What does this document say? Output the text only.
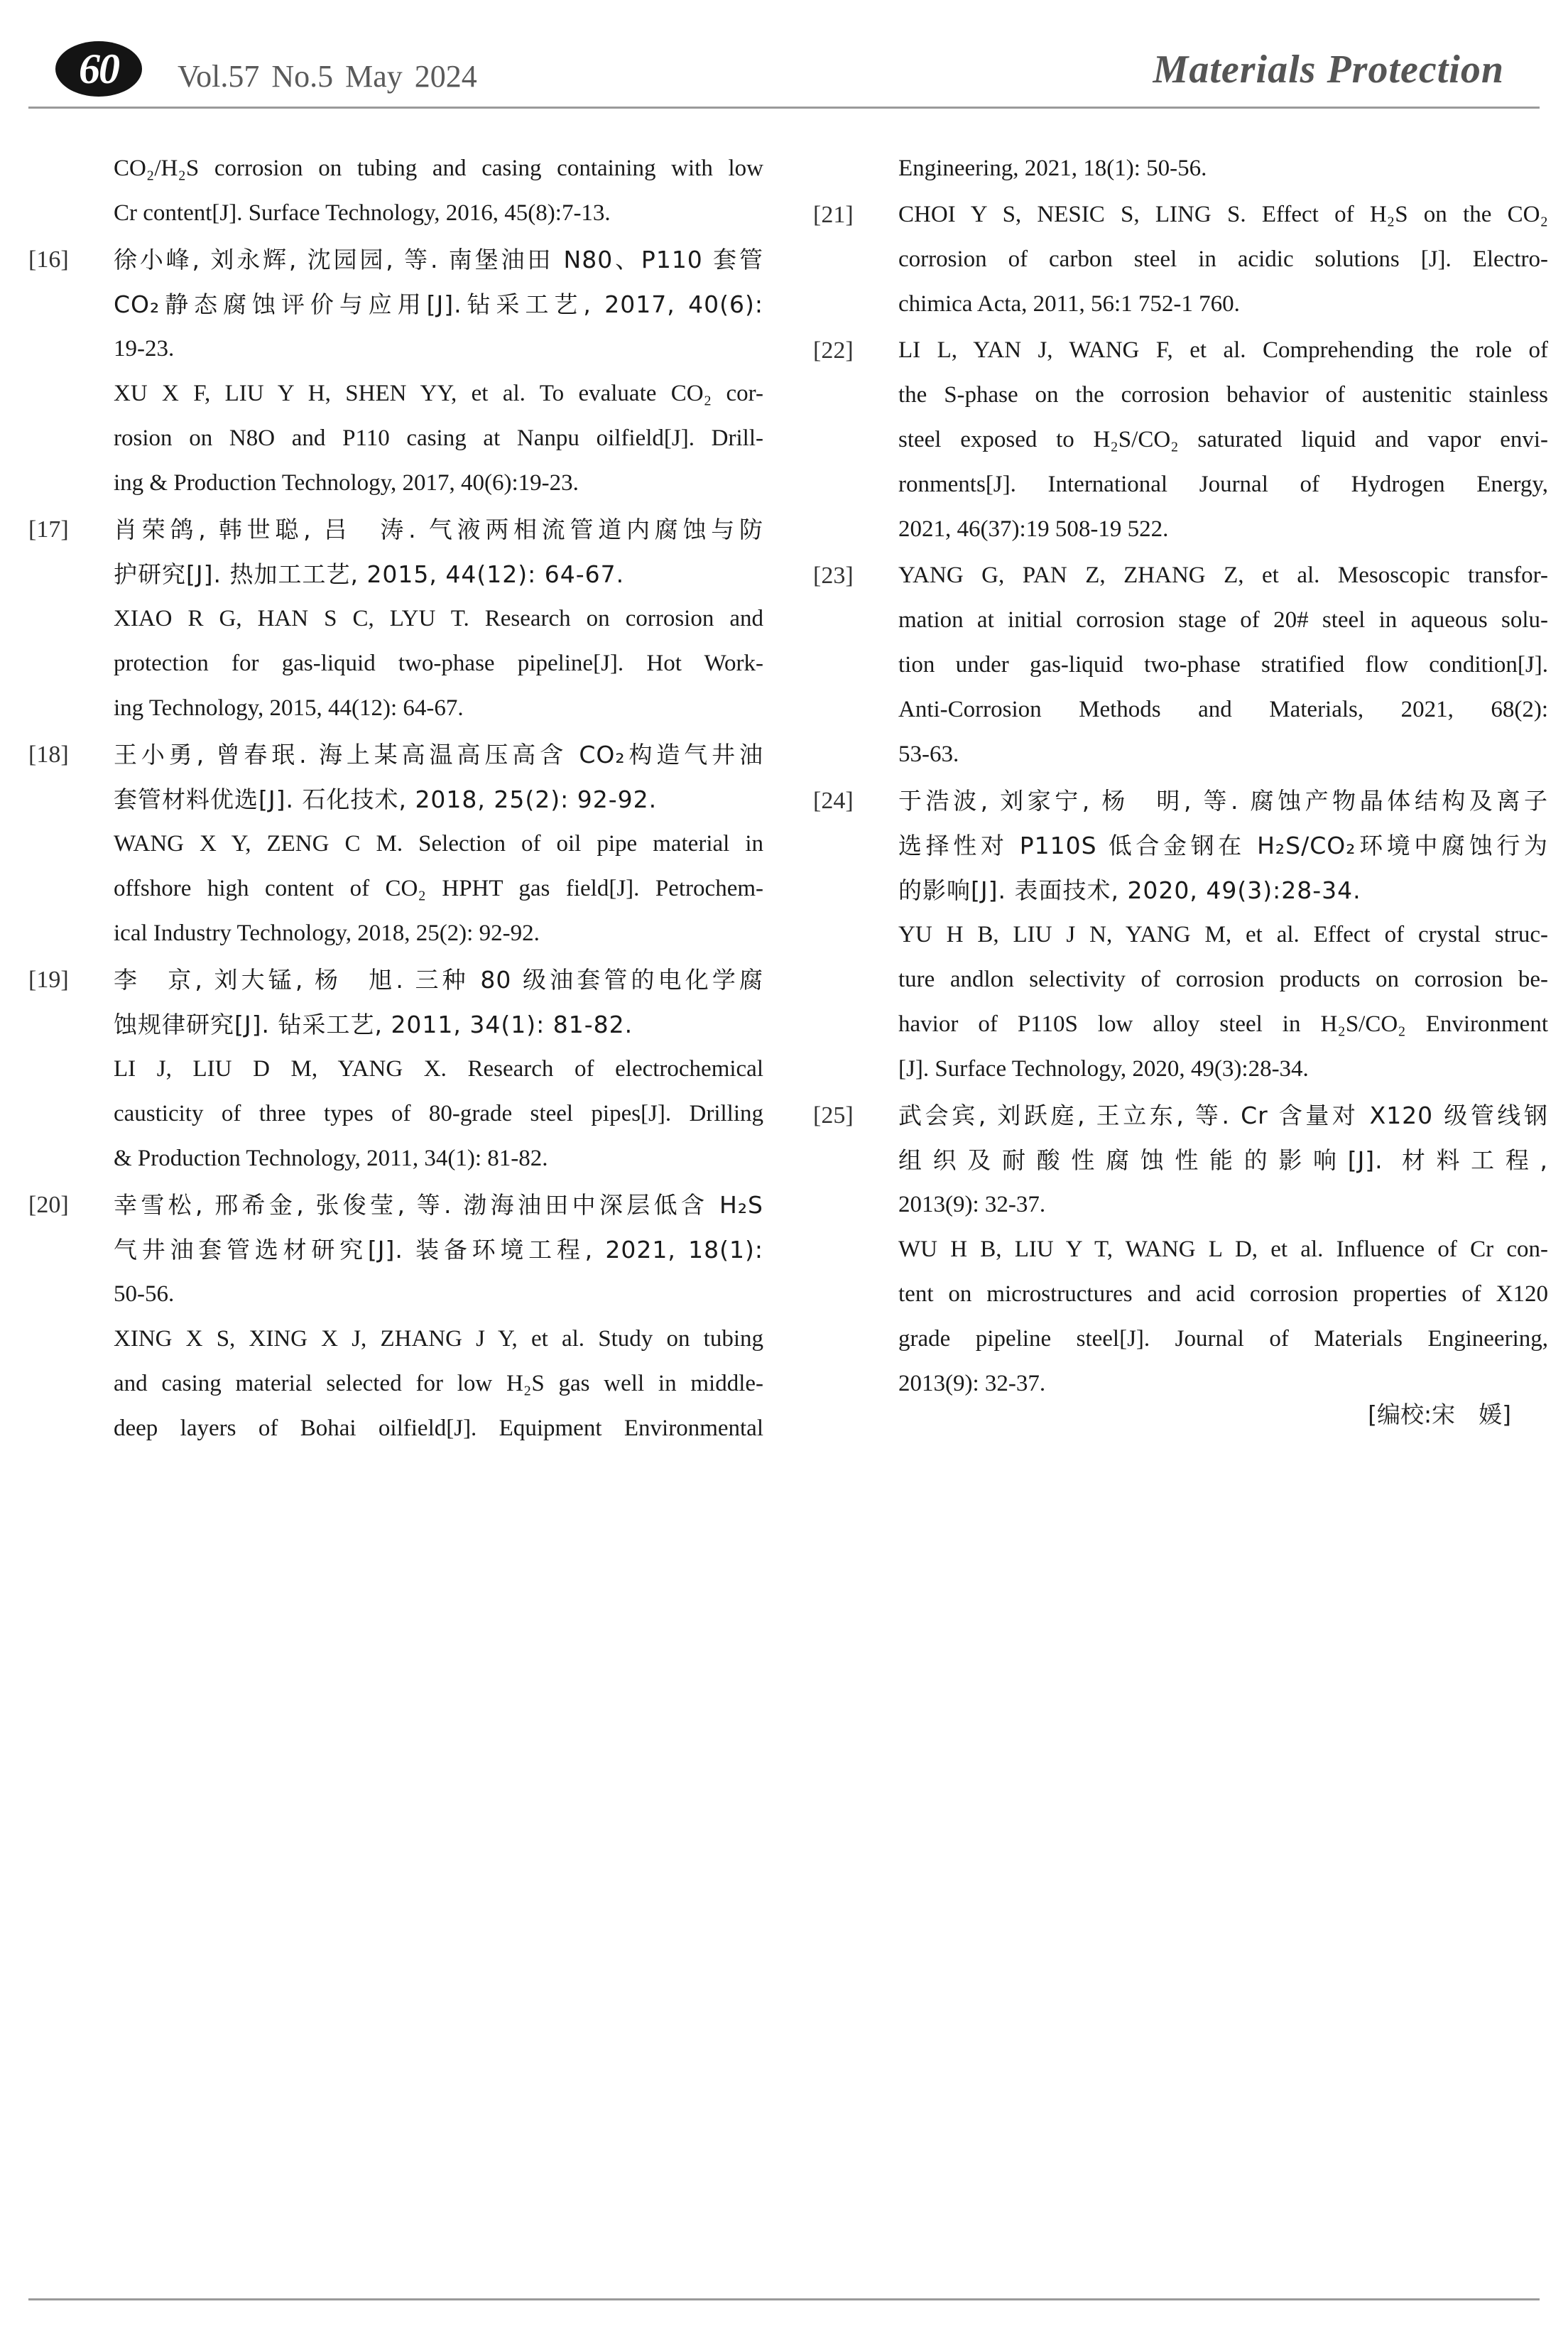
60	Vol.57 No.5 May 2024	Materials Protection
CO₂/H₂S corrosion on tubing and casing containing with low
Cr content[J]. Surface Technology, 2016, 45(8):7-13.
[16]	徐小峰, 刘永辉, 沈园园, 等. 南堡油田 N80、P110 套管
CO₂静态腐蚀评价与应用[J].钻采工艺, 2017, 40(6):
19-23.
XU X F, LIU Y H, SHEN YY, et al. To evaluate CO₂ cor-
rosion on N8O and P110 casing at Nanpu oilfield[J]. Drill-
ing & Production Technology, 2017, 40(6):19-23.
[17]	肖荣鸽, 韩世聪, 吕　涛. 气液两相流管道内腐蚀与防
护研究[J]. 热加工工艺, 2015, 44(12): 64-67.
XIAO R G, HAN S C, LYU T. Research on corrosion and
protection for gas-liquid two-phase pipeline[J]. Hot Work-
ing Technology, 2015, 44(12): 64-67.
[18]	王小勇, 曾春珉. 海上某高温高压高含 CO₂构造气井油
套管材料优选[J]. 石化技术, 2018, 25(2): 92-92.
WANG X Y, ZENG C M. Selection of oil pipe material in
offshore high content of CO₂ HPHT gas field[J]. Petrochem-
ical Industry Technology, 2018, 25(2): 92-92.
[19]	李　京, 刘大锰, 杨　旭. 三种 80 级油套管的电化学腐
蚀规律研究[J]. 钻采工艺, 2011, 34(1): 81-82.
LI J, LIU D M, YANG X. Research of electrochemical
causticity of three types of 80-grade steel pipes[J]. Drilling
& Production Technology, 2011, 34(1): 81-82.
[20]	幸雪松, 邢希金, 张俊莹, 等. 渤海油田中深层低含 H₂S
气井油套管选材研究[J]. 装备环境工程, 2021, 18(1):
50-56.
XING X S, XING X J, ZHANG J Y, et al. Study on tubing
and casing material selected for low H₂S gas well in middle-
deep layers of Bohai oilfield[J]. Equipment Environmental
Engineering, 2021, 18(1): 50-56.
[21]	CHOI Y S, NESIC S, LING S. Effect of H₂S on the CO₂
corrosion of carbon steel in acidic solutions [J]. Electro-
chimica Acta, 2011, 56:1 752-1 760.
[22]	LI L, YAN J, WANG F, et al. Comprehending the role of
the S-phase on the corrosion behavior of austenitic stainless
steel exposed to H₂S/CO₂ saturated liquid and vapor envi-
ronments[J]. International Journal of Hydrogen Energy,
2021, 46(37):19 508-19 522.
[23]	YANG G, PAN Z, ZHANG Z, et al. Mesoscopic transfor-
mation at initial corrosion stage of 20# steel in aqueous solu-
tion under gas-liquid two-phase stratified flow condition[J].
Anti-Corrosion Methods and Materials, 2021, 68(2):
53-63.
[24]	于浩波, 刘家宁, 杨　明, 等. 腐蚀产物晶体结构及离子
选择性对 P110S 低合金钢在 H₂S/CO₂环境中腐蚀行为
的影响[J]. 表面技术, 2020, 49(3):28-34.
YU H B, LIU J N, YANG M, et al. Effect of crystal struc-
ture andlon selectivity of corrosion products on corrosion be-
havior of P110S low alloy steel in H₂S/CO₂ Environment
[J]. Surface Technology, 2020, 49(3):28-34.
[25]	武会宾, 刘跃庭, 王立东, 等. Cr 含量对 X120 级管线钢
组织及耐酸性腐蚀性能的影响[J]. 材料工程,
2013(9): 32-37.
WU H B, LIU Y T, WANG L D, et al. Influence of Cr con-
tent on microstructures and acid corrosion properties of X120
grade pipeline steel[J]. Journal of Materials Engineering,
2013(9): 32-37.
[编校:宋　媛]
